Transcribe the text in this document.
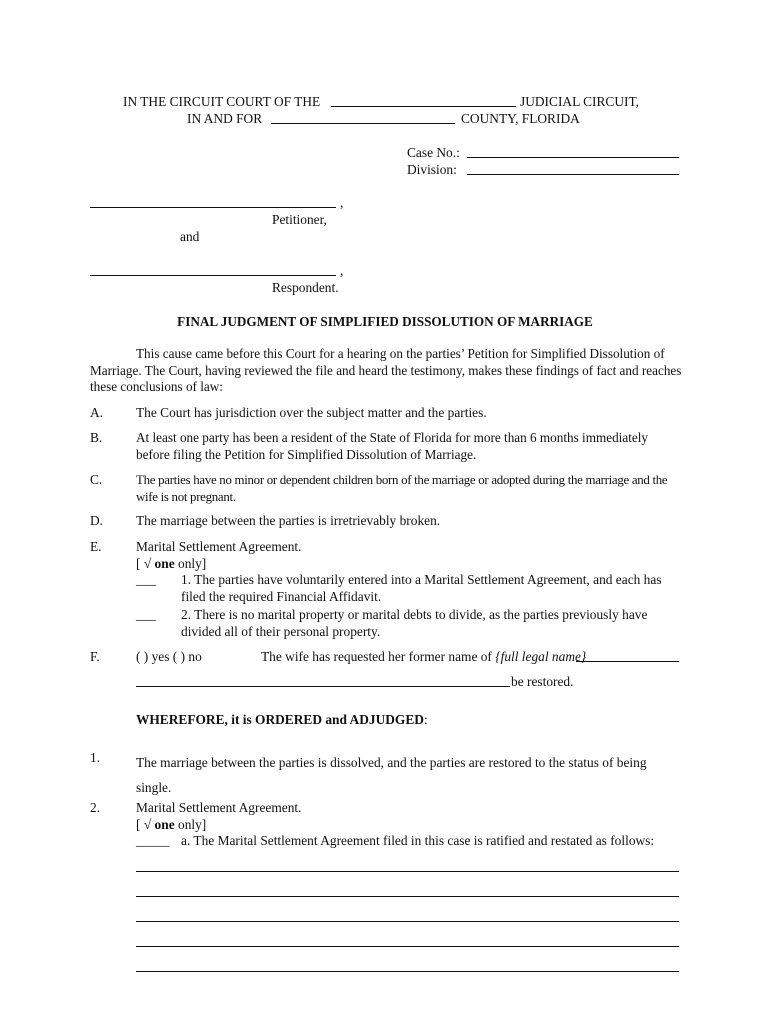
IN THE CIRCUIT COURT OF THE	JUDICIAL CIRCUIT,
IN AND FOR	COUNTY, FLORIDA
Case No.:
Division:
,
Petitioner,
and
,
Respondent.
FINAL JUDGMENT OF SIMPLIFIED DISSOLUTION OF MARRIAGE
This cause came before this Court for a hearing on the parties’ Petition for Simplified Dissolution of Marriage. The Court, having reviewed the file and heard the testimony, makes these findings of fact and reaches these conclusions of law:
A. The Court has jurisdiction over the subject matter and the parties.
B.	At least one party has been a resident of the State of Florida for more than 6 months immediately before filing the Petition for Simplified Dissolution of Marriage.
C.	The parties have no minor or dependent children born of the marriage or adopted during the marriage and the wife is not pregnant.
D. The marriage between the parties is irretrievably broken.
E.	Marital Settlement Agreement.
[ √ one only]
___ 1. The parties have voluntarily entered into a Marital Settlement Agreement, and each has filed the required Financial Affidavit.
___ 2. There is no marital property or marital debts to divide, as the parties previously have divided all of their personal property.
F.	( ) yes ( ) no	The wife has requested her former name of {full legal name}
be restored.
WHEREFORE, it is ORDERED and ADJUDGED:
1.	The marriage between the parties is dissolved, and the parties are restored to the status of being single.
2.	Marital Settlement Agreement.
[ √ one only]
_____ a. The Marital Settlement Agreement filed in this case is ratified and restated as follows:
